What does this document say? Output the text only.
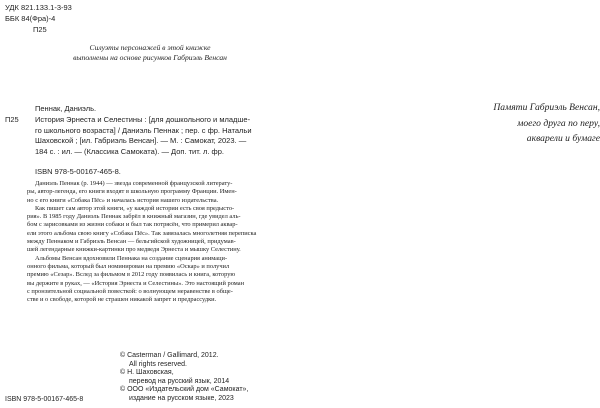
УДК 821.133.1-3-93
ББК 84(Фра)-4
П25
Силуэты персонажей в этой книжке
выполнены на основе рисунков Габриэль Венсан
Памяти Габриэль Венсан,
моего друга по перу,
акварели и бумаге
Пеннак, Даниэль.
П25 История Эрнеста и Селестины : [для дошкольного и младше-
го школьного возраста] / Даниэль Пеннак ; пер. с фр. Натальи
Шаховской ; [ил. Габриэль Венсан]. — М. : Самокат, 2023. —
184 с. : ил. — (Классика Самоката). — Доп. тит. л. фр.
ISBN 978-5-00167-465-8.
Даниэль Пеннак (р. 1944) — звезда современной французской литерату-
ры, автор-легенда, его книги входят в школьную программу Франции. Имен-
но с его книги «Собака Пёс» и началась история нашего издательства.
Как пишет сам автор этой книги, «у каждой истории есть своя предысто-
рия». В 1985 году Даниэль Пеннак забрёл в книжный магазин, где увидел аль-
бом с зарисовками из жизни собаки и был так потрясён, что примерил аквар-
ели этого альбома свою книгу «Собака Пёс». Так завязалась многолетняя переписка
между Пеннаком и Габриэль Венсан — бельгийской художницей, придумав-
шей легендарные книжки-картинки про медведя Эрнеста и мышку Селестину.
Альбомы Венсан вдохновили Пеннака на создание сценария анимаци-
онного фильма, который был номинирован на премию «Оскар» и получил
премию «Сезар». Вслед за фильмом в 2012 году появилась и книга, которую
вы держите в руках, — «История Эрнеста и Селестины». Это настоящий роман
с пронзительной социальной повесткой: о волнующем неравенстве в обще-
стве и о свободе, которой не страшен никакой запрет и предрассудки.
© Casterman / Gallimard, 2012.
All rights reserved.
© Н. Шаховская,
перевод на русский язык, 2014
© ООО «Издательский дом «Самокат»,
издание на русском языке, 2023
ISBN 978-5-00167-465-8
